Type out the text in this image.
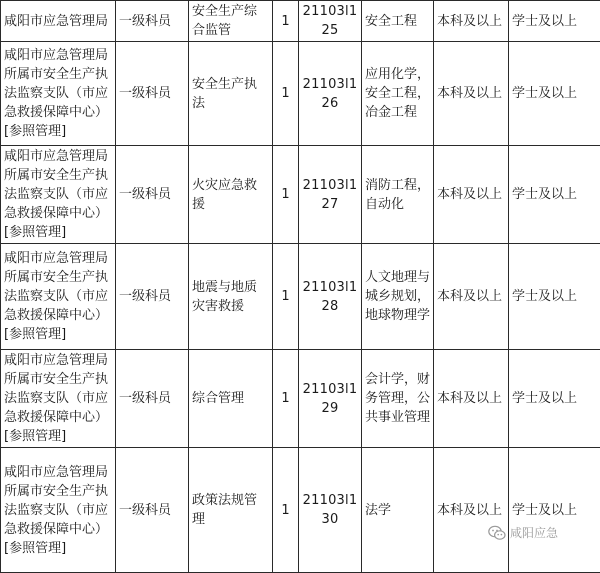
咸阳市应急管理局	一级科员	安全生产综合监管	1	21103l125	安全工程	本科及以上	学士及以上
咸阳市应急管理局所属市安全生产执法监察支队（市应急救援保障中心）[参照管理]	一级科员	安全生产执法	1	21103l126	应用化学，安全工程，冶金工程	本科及以上	学士及以上
咸阳市应急管理局所属市安全生产执法监察支队（市应急救援保障中心）[参照管理]	一级科员	火灾应急救援	1	21103l127	消防工程，自动化	本科及以上	学士及以上
咸阳市应急管理局所属市安全生产执法监察支队（市应急救援保障中心）[参照管理]	一级科员	地震与地质灾害救援	1	21103l128	人文地理与城乡规划，地球物理学	本科及以上	学士及以上
咸阳市应急管理局所属市安全生产执法监察支队（市应急救援保障中心）[参照管理]	一级科员	综合管理	1	21103l129	会计学，财务管理，公共事业管理	本科及以上	学士及以上
咸阳市应急管理局所属市安全生产执法监察支队（市应急救援保障中心）[参照管理]	一级科员	政策法规管理	1	21103l130	法学	本科及以上	学士及以上
咸阳应急
